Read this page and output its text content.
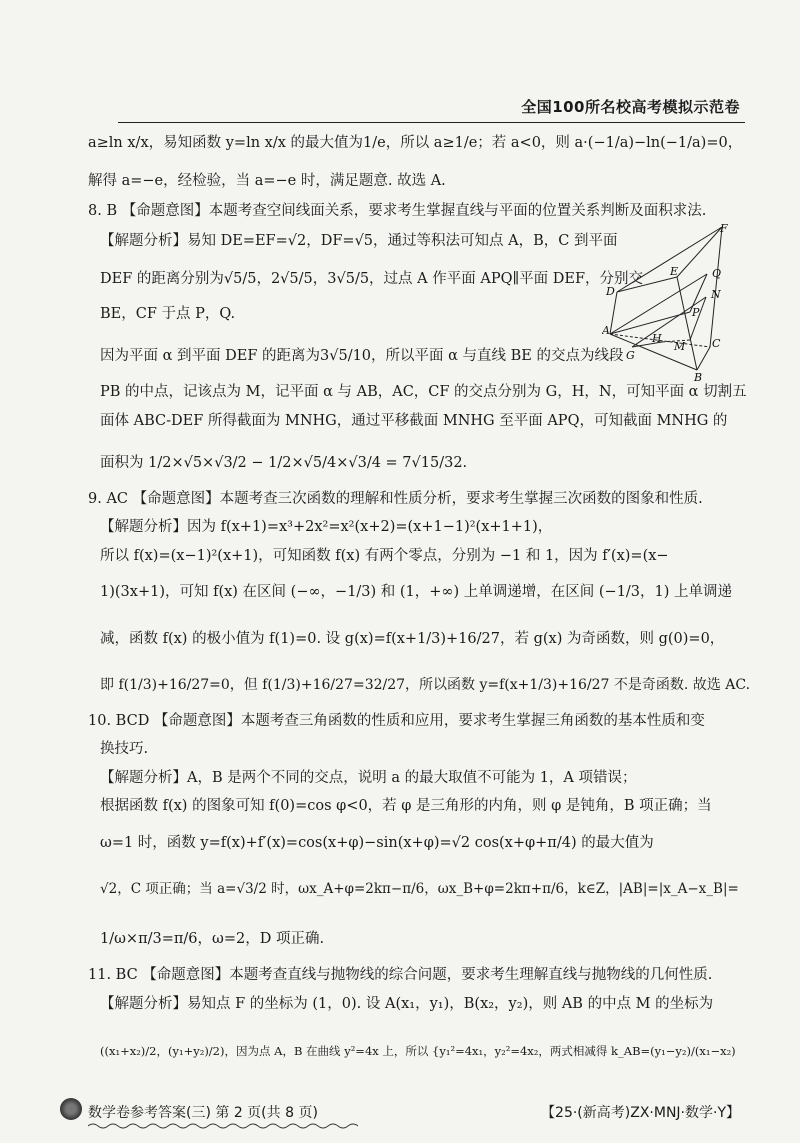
全国100所名校高考模拟示范卷
a≥ln x/x，易知函数 y=ln x/x 的最大值为1/e，所以 a≥1/e；若 a<0，则 a·(−1/a)−ln(−1/a)=0，
解得 a=−e，经检验，当 a=−e 时，满足题意. 故选 A.
8. B 【命题意图】本题考查空间线面关系，要求考生掌握直线与平面的位置关系判断及面积求法.
【解题分析】易知 DE=EF=√2，DF=√5，通过等积法可知点 A，B，C 到平面
DEF 的距离分别为√5/5，2√5/5，3√5/5，过点 A 作平面 APQ∥平面 DEF，分别交
BE，CF 于点 P，Q.
因为平面 α 到平面 DEF 的距离为3√5/10，所以平面 α 与直线 BE 的交点为线段
PB 的中点，记该点为 M，记平面 α 与 AB，AC，CF 的交点分别为 G，H，N，可知平面 α 切割五
面体 ABC-DEF 所得截面为 MNHG，通过平移截面 MNHG 至平面 APQ，可知截面 MNHG 的
面积为 1/2×√5×√3/2 − 1/2×√5/4×√3/4 = 7√15/32.
9. AC 【命题意图】本题考查三次函数的理解和性质分析，要求考生掌握三次函数的图象和性质.
【解题分析】因为 f(x+1)=x³+2x²=x²(x+2)=(x+1−1)²(x+1+1)，
所以 f(x)=(x−1)²(x+1)，可知函数 f(x) 有两个零点，分别为 −1 和 1，因为 f′(x)=(x−
1)(3x+1)，可知 f(x) 在区间 (−∞，−1/3) 和 (1，+∞) 上单调递增，在区间 (−1/3，1) 上单调递
减，函数 f(x) 的极小值为 f(1)=0. 设 g(x)=f(x+1/3)+16/27，若 g(x) 为奇函数，则 g(0)=0，
即 f(1/3)+16/27=0，但 f(1/3)+16/27=32/27，所以函数 y=f(x+1/3)+16/27 不是奇函数. 故选 AC.
10. BCD 【命题意图】本题考查三角函数的性质和应用，要求考生掌握三角函数的基本性质和变
换技巧.
【解题分析】A，B 是两个不同的交点，说明 a 的最大取值不可能为 1，A 项错误；
根据函数 f(x) 的图象可知 f(0)=cos φ<0，若 φ 是三角形的内角，则 φ 是钝角，B 项正确；当
ω=1 时，函数 y=f(x)+f′(x)=cos(x+φ)−sin(x+φ)=√2 cos(x+φ+π/4) 的最大值为
√2，C 项正确；当 a=√3/2 时，ωx_A+φ=2kπ−π/6，ωx_B+φ=2kπ+π/6，k∈Z，|AB|=|x_A−x_B|=
1/ω×π/3=π/6，ω=2，D 项正确.
11. BC 【命题意图】本题考查直线与抛物线的综合问题，要求考生理解直线与抛物线的几何性质.
【解题分析】易知点 F 的坐标为 (1，0). 设 A(x₁，y₁)，B(x₂，y₂)，则 AB 的中点 M 的坐标为
((x₁+x₂)/2，(y₁+y₂)/2)，因为点 A，B 在曲线 y²=4x 上，所以 {y₁²=4x₁，y₂²=4x₂，两式相减得 k_AB=(y₁−y₂)/(x₁−x₂)
F
E	Q
D	N
P
A
H
M C
G
B
数学卷参考答案(三) 第 2 页(共 8 页)	【25·(新高考)ZX·MNJ·数学·Y】
